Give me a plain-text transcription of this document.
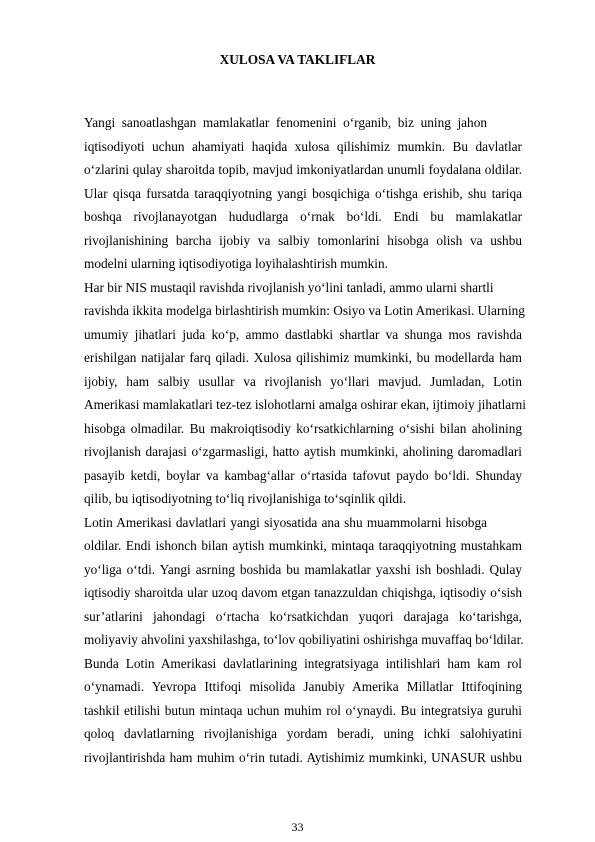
XULOSA VA TAKLIFLAR
Yangi sanoatlashgan mamlakatlar fenomenini o‘rganib, biz uning jahon
iqtisodiyoti uchun ahamiyati haqida xulosa qilishimiz mumkin. Bu davlatlar
o‘zlarini qulay sharoitda topib, mavjud imkoniyatlardan unumli foydalana oldilar.
Ular qisqa fursatda taraqqiyotning yangi bosqichiga o‘tishga erishib, shu tariqa
boshqa rivojlanayotgan hududlarga o‘rnak bo‘ldi. Endi bu mamlakatlar
rivojlanishining barcha ijobiy va salbiy tomonlarini hisobga olish va ushbu
modelni ularning iqtisodiyotiga loyihalashtirish mumkin.
Har bir NIS mustaqil ravishda rivojlanish yo‘lini tanladi, ammo ularni shartli
ravishda ikkita modelga birlashtirish mumkin: Osiyo va Lotin Amerikasi. Ularning
umumiy jihatlari juda ko‘p, ammo dastlabki shartlar va shunga mos ravishda
erishilgan natijalar farq qiladi. Xulosa qilishimiz mumkinki, bu modellarda ham
ijobiy, ham salbiy usullar va rivojlanish yo‘llari mavjud. Jumladan, Lotin
Amerikasi mamlakatlari tez-tez islohotlarni amalga oshirar ekan, ijtimoiy jihatlarni
hisobga olmadilar. Bu makroiqtisodiy ko‘rsatkichlarning o‘sishi bilan aholining
rivojlanish darajasi o‘zgarmasligi, hatto aytish mumkinki, aholining daromadlari
pasayib ketdi, boylar va kambag‘allar o‘rtasida tafovut paydo bo‘ldi. Shunday
qilib, bu iqtisodiyotning to‘liq rivojlanishiga to‘sqinlik qildi.
Lotin Amerikasi davlatlari yangi siyosatida ana shu muammolarni hisobga
oldilar. Endi ishonch bilan aytish mumkinki, mintaqa taraqqiyotning mustahkam
yo‘liga o‘tdi. Yangi asrning boshida bu mamlakatlar yaxshi ish boshladi. Qulay
iqtisodiy sharoitda ular uzoq davom etgan tanazzuldan chiqishga, iqtisodiy o‘sish
sur’atlarini jahondagi o‘rtacha ko‘rsatkichdan yuqori darajaga ko‘tarishga,
moliyaviy ahvolini yaxshilashga, to‘lov qobiliyatini oshirishga muvaffaq bo‘ldilar.
Bunda Lotin Amerikasi davlatlarining integratsiyaga intilishlari ham kam rol
o‘ynamadi. Yevropa Ittifoqi misolida Janubiy Amerika Millatlar Ittifoqining
tashkil etilishi butun mintaqa uchun muhim rol o‘ynaydi. Bu integratsiya guruhi
qoloq davlatlarning rivojlanishiga yordam beradi, uning ichki salohiyatini
rivojlantirishda ham muhim o‘rin tutadi. Aytishimiz mumkinki, UNASUR ushbu
33
